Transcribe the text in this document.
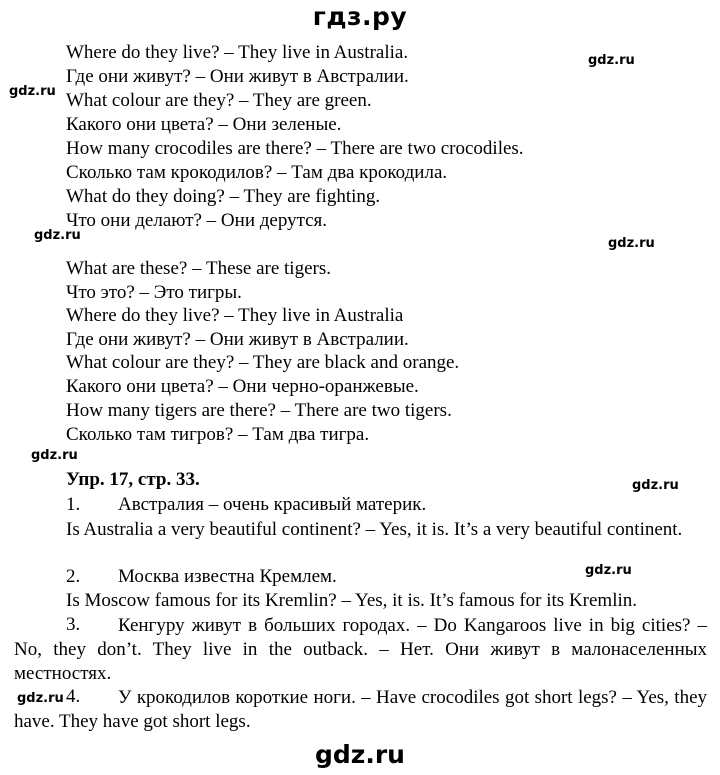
гдз.ру
gdz.ru
gdz.ru
gdz.ru
gdz.ru
gdz.ru
gdz.ru
gdz.ru
gdz.ru
Where do they live? – They live in Australia.
Где они живут? – Они живут в Австралии.
What colour are they? – They are green.
Какого они цвета? – Они зеленые.
How many crocodiles are there? – There are two crocodiles.
Сколько там крокодилов? – Там два крокодила.
What do they doing? – They are fighting.
Что они делают? – Они дерутся.
What are these? – These are tigers.
Что это? – Это тигры.
Where do they live? – They live in Australia
Где они живут? – Они живут в Австралии.
What colour are they? – They are black and orange.
Какого они цвета? – Они черно-оранжевые.
How many tigers are there? – There are two tigers.
Сколько там тигров? – Там два тигра.
Упр. 17, стр. 33.
1. Австралия – очень красивый материк.
Is Australia a very beautiful continent? – Yes, it is. It’s a very beautiful continent.
2. Москва известна Кремлем.
Is Moscow famous for its Kremlin? – Yes, it is. It’s famous for its Kremlin.
3.	Кенгуру живут в больших городах. – Do Kangaroos live in big cities? – No, they don’t. They live in the outback. – Нет. Они живут в малонаселенных местностях.
4.	У крокодилов короткие ноги. – Have crocodiles got short legs? – Yes, they have. They have got short legs.
gdz.ru
